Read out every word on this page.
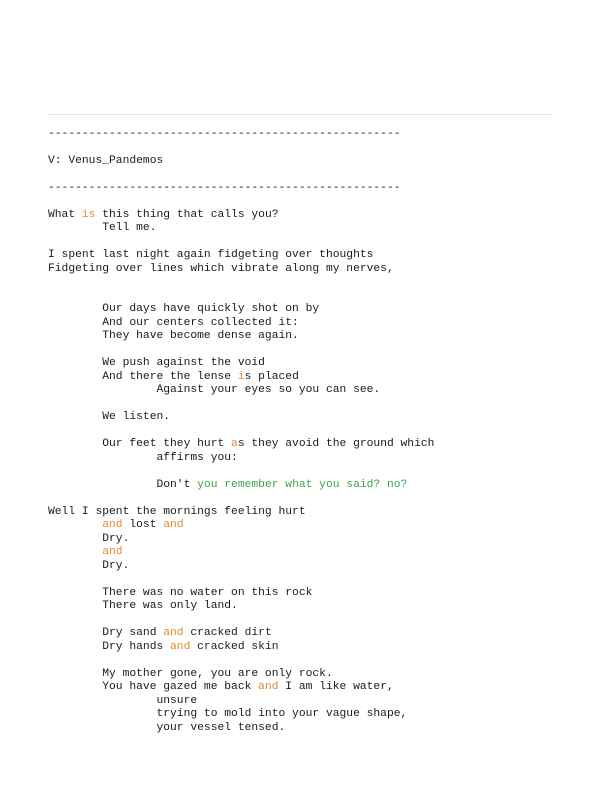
----------------------------------------------------
V: Venus_Pandemos
----------------------------------------------------
What is this thing that calls you?
Tell me.
I spent last night again fidgeting over thoughts
Fidgeting over lines which vibrate along my nerves,
Our days have quickly shot on by
And our centers collected it:
They have become dense again.
We push against the void
And there the lense is placed
Against your eyes so you can see.
We listen.
Our feet they hurt as they avoid the ground which
affirms you:
Don't you remember what you said? no?
Well I spent the mornings feeling hurt
and lost and
Dry.
and
Dry.
There was no water on this rock
There was only land.
Dry sand and cracked dirt
Dry hands and cracked skin
My mother gone, you are only rock.
You have gazed me back and I am like water,
unsure
trying to mold into your vague shape,
your vessel tensed.
